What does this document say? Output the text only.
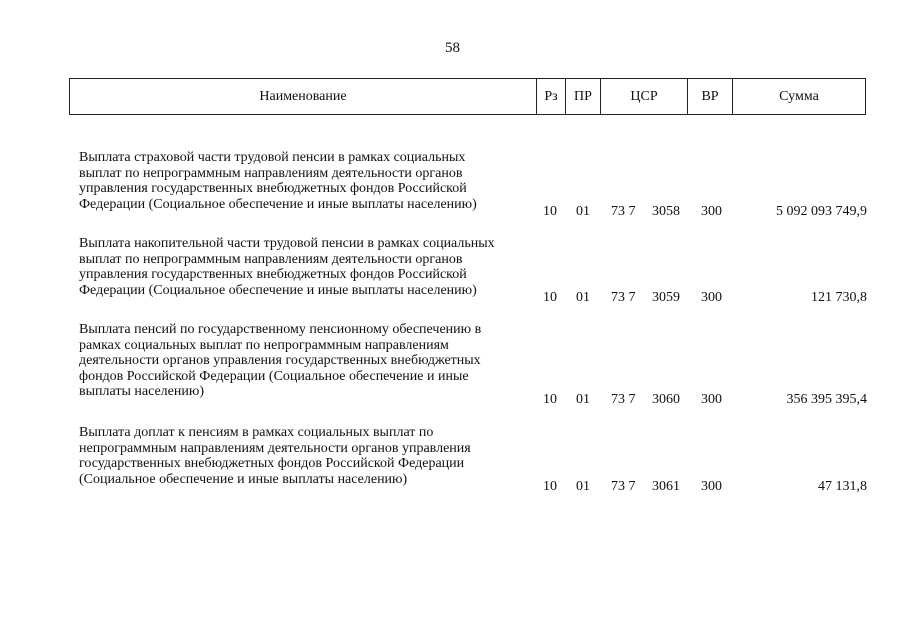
58
Наименование	Рз	ПР	ЦСР	ВР	Сумма
Выплата страховой части трудовой пенсии в рамках социальных
выплат по непрограммным направлениям деятельности органов
управления государственных внебюджетных фондов Российской
Федерации (Социальное обеспечение и иные выплаты населению)	10 01 73 7 3058 300	5 092 093 749,9
Выплата накопительной части трудовой пенсии в рамках социальных
выплат по непрограммным направлениям деятельности органов
управления государственных внебюджетных фондов Российской
Федерации (Социальное обеспечение и иные выплаты населению)	10 01 73 7 3059 300	121 730,8
Выплата пенсий по государственному пенсионному обеспечению в
рамках социальных выплат по непрограммным направлениям
деятельности органов управления государственных внебюджетных
фондов Российской Федерации (Социальное обеспечение и иные
выплаты населению)
10 01 73 7 3060 300	356 395 395,4
Выплата доплат к пенсиям в рамках социальных выплат по
непрограммным направлениям деятельности органов управления
государственных внебюджетных фондов Российской Федерации
(Социальное обеспечение и иные выплаты населению)	10 01 73 7 3061 300	47 131,8
